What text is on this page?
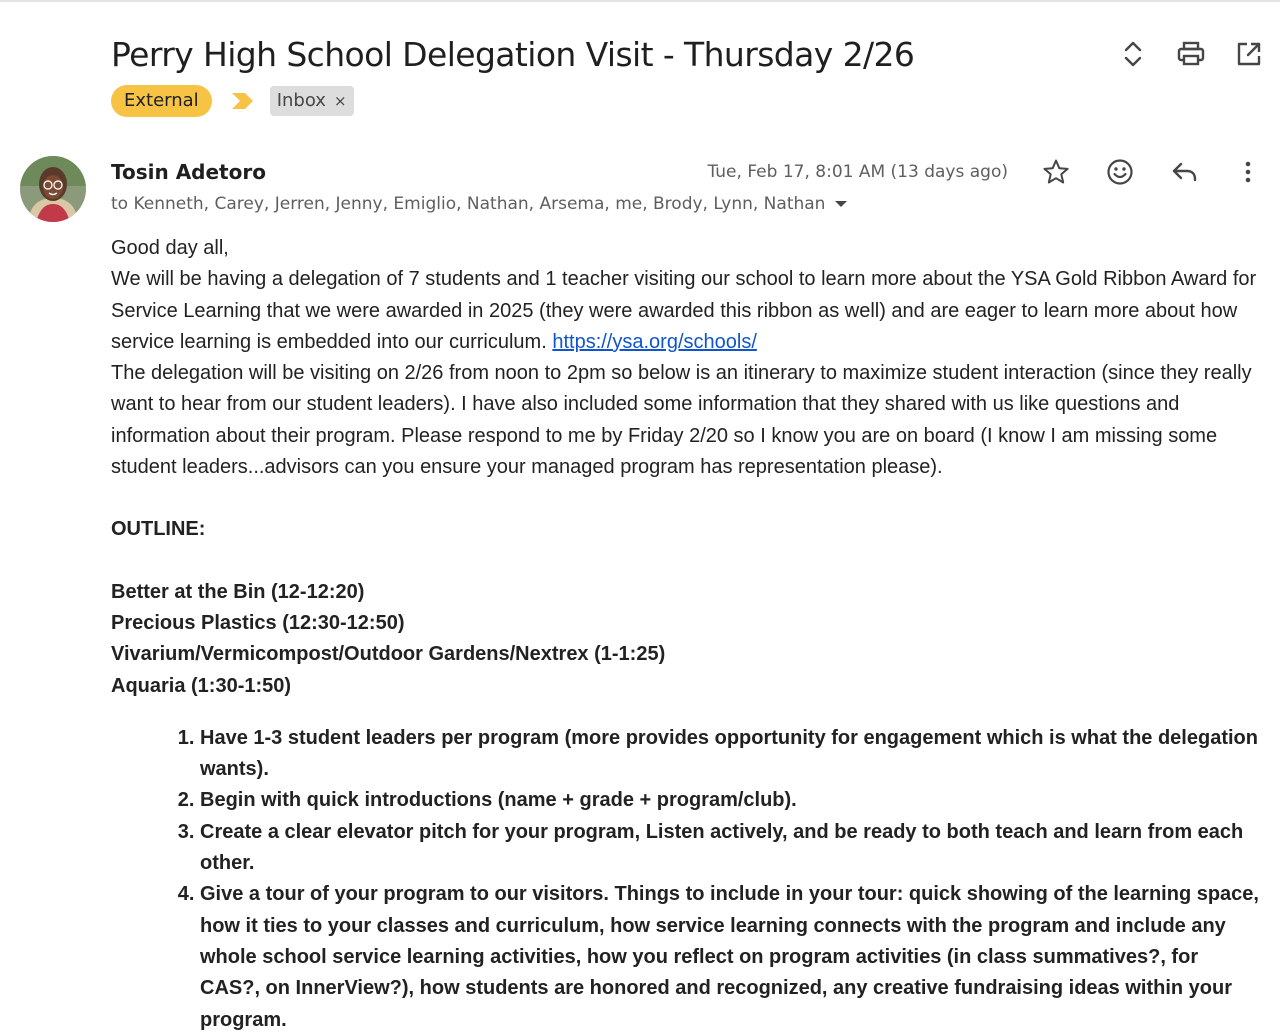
Perry High School Delegation Visit - Thursday 2/26
External	Inbox ×
Tosin Adetoro
to Kenneth, Carey, Jerren, Jenny, Emiglio, Nathan, Arsema, me, Brody, Lynn, Nathan
Tue, Feb 17, 8:01 AM (13 days ago)

Good day all,

We will be having a delegation of 7 students and 1 teacher visiting our school to learn more about the YSA Gold Ribbon Award for Service Learning that we were awarded in 2025 (they were awarded this ribbon as well) and are eager to learn more about how service learning is embedded into our curriculum. https://ysa.org/schools/

The delegation will be visiting on 2/26 from noon to 2pm so below is an itinerary to maximize student interaction (since they really want to hear from our student leaders). I have also included some information that they shared with us like questions and information about their program. Please respond to me by Friday 2/20 so I know you are on board (I know I am missing some student leaders...advisors can you ensure your managed program has representation please).

OUTLINE:

Better at the Bin (12-12:20)
Precious Plastics (12:30-12:50)
Vivarium/Vermicompost/Outdoor Gardens/Nextrex (1-1:25)
Aquaria (1:30-1:50)
1. Have 1-3 student leaders per program (more provides opportunity for engagement which is what the delegation wants).
2. Begin with quick introductions (name + grade + program/club).
3. Create a clear elevator pitch for your program, Listen actively, and be ready to both teach and learn from each other.
4. Give a tour of your program to our visitors. Things to include in your tour: quick showing of the learning space, how it ties to your classes and curriculum, how service learning connects with the program and include any whole school service learning activities, how you reflect on program activities (in class summatives?, for CAS?, on InnerView?), how students are honored and recognized, any creative fundraising ideas within your program.
